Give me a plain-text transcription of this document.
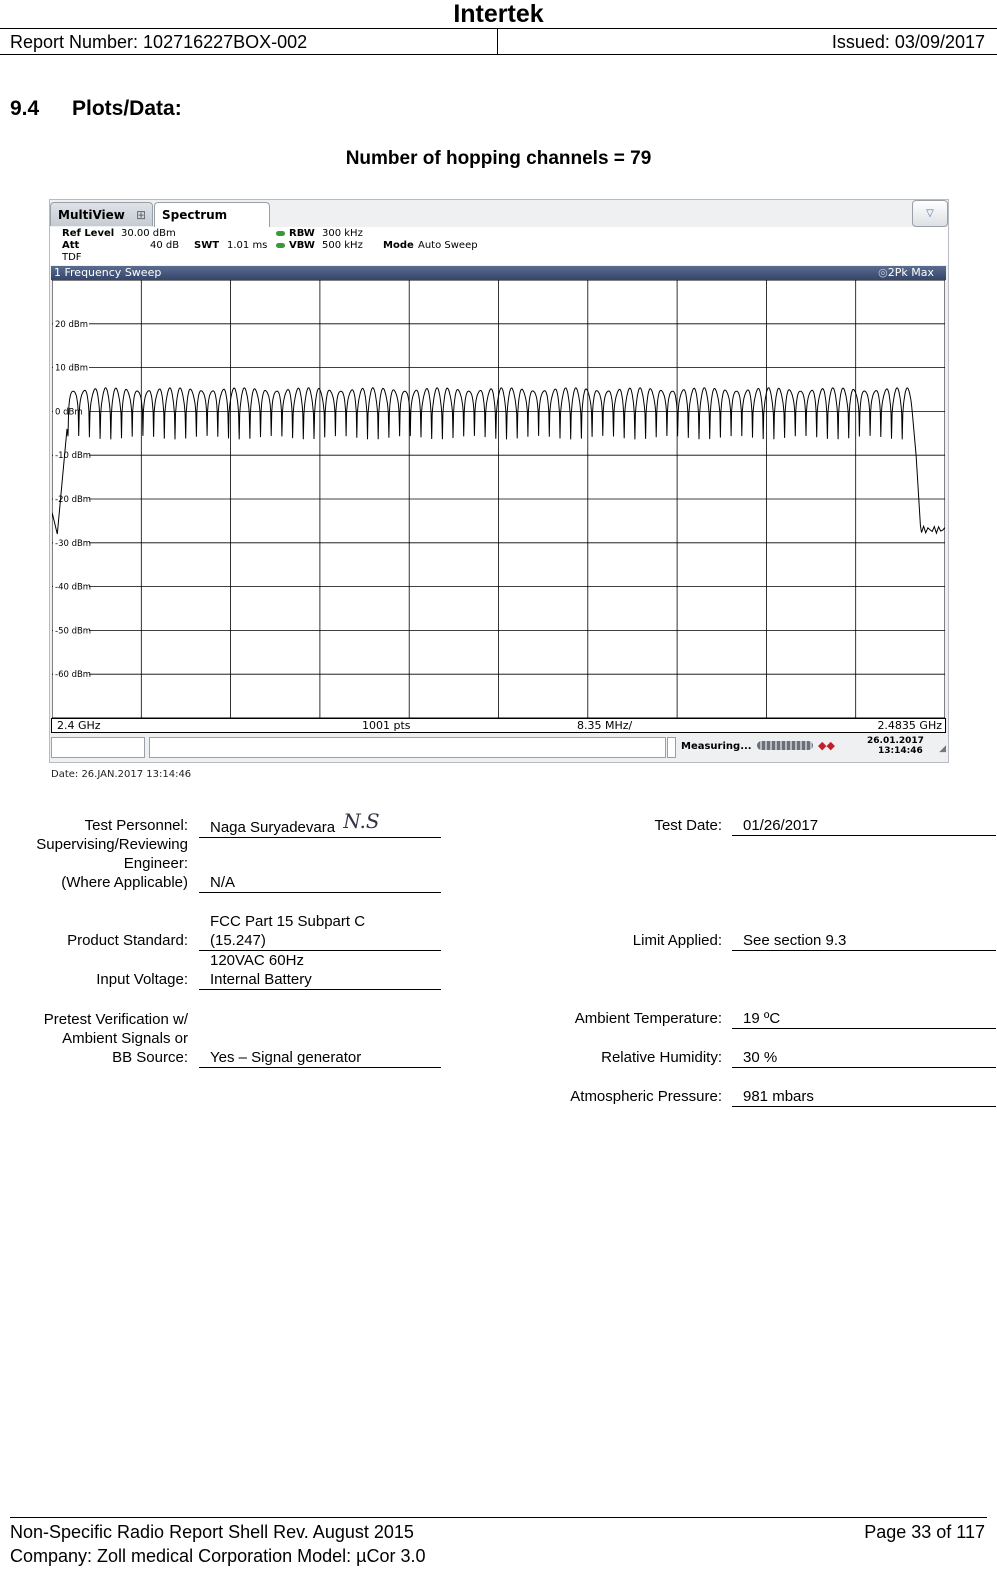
Intertek
Report Number: 102716227BOX-002	Issued: 03/09/2017
9.4 Plots/Data:
Number of hopping channels = 79
MultiView ⊞	Spectrum	▽
Ref Level 30.00 dBm
Att	40 dB
TDF
SWT 1.01 ms
RBW 300 kHz
VBW 500 kHz Mode Auto Sweep
1 Frequency Sweep	◎2Pk Max
20 dBm
10 dBm
0 dBm
-10 dBm
-20 dBm
-30 dBm
-40 dBm
-50 dBm
-60 dBm
2.4 GHz	1001 pts	8.35 MHz/	2.4835 GHz
Measuring...	◆◆	26.01.2017
13:14:46 ◢
Date: 26.JAN.2017 13:14:46
Test Personnel:	Naga Suryadevara N.S	Test Date:	01/26/2017
Supervising/Reviewing
Engineer:
(Where Applicable)	N/A
Product Standard:
FCC Part 15 Subpart C
(15.247)	Limit Applied:	See section 9.3
Input Voltage:
120VAC 60Hz
Internal Battery
Pretest Verification w/
Ambient Signals or
BB Source:	Yes – Signal generator
Ambient Temperature:	19 ºC
Relative Humidity:	30 %
Atmospheric Pressure:	981 mbars
Non-Specific Radio Report Shell Rev. August 2015	Page 33 of 117
Company: Zoll medical Corporation Model: µCor 3.0
